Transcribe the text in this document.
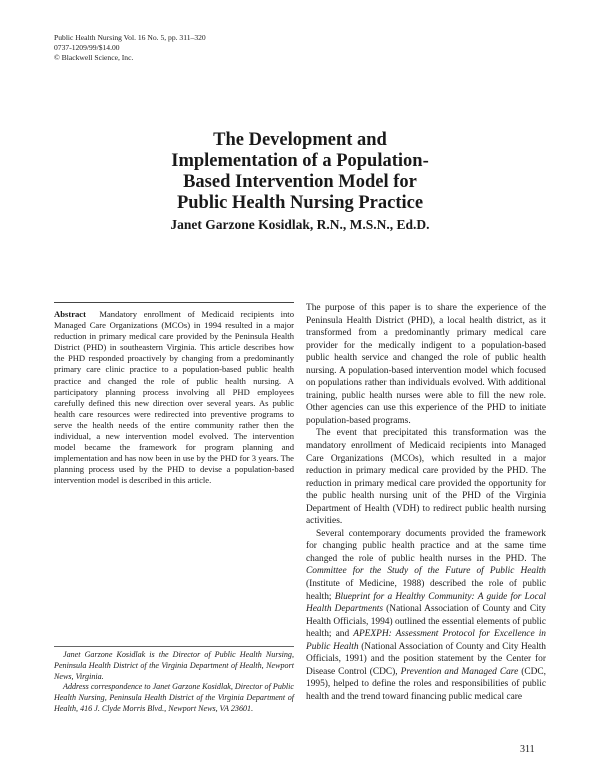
Public Health Nursing Vol. 16 No. 5, pp. 311–320
0737-1209/99/$14.00
© Blackwell Science, Inc.
The Development and
Implementation of a Population-
Based Intervention Model for
Public Health Nursing Practice
Janet Garzone Kosidlak, R.N., M.S.N., Ed.D.
Abstract Mandatory enrollment of Medicaid recipients into Managed Care Organizations (MCOs) in 1994 resulted in a major reduction in primary medical care provided by the Peninsula Health District (PHD) in southeastern Virginia. This article describes how the PHD responded proactively by changing from a predominantly primary care clinic practice to a population-based public health practice and changed the role of public health nursing. A participatory planning process involving all PHD employees carefully defined this new direction over several years. As public health care resources were redirected into preventive programs to serve the health needs of the entire community rather then the individual, a new intervention model evolved. The intervention model became the framework for program planning and implementation and has now been in use by the PHD for 3 years. The planning process used by the PHD to devise a population-based intervention model is described in this article.

Janet Garzone Kosidlak is the Director of Public Health Nursing, Peninsula Health District of the Virginia Department of Health, Newport News, Virginia.

Address correspondence to Janet Garzone Kosidlak, Director of Public Health Nursing, Peninsula Health District of the Virginia Department of Health, 416 J. Clyde Morris Blvd., Newport News, VA 23601.

The purpose of this paper is to share the experience of the Peninsula Health District (PHD), a local health district, as it transformed from a predominantly primary medical care provider for the medically indigent to a population-based public health service and changed the role of public health nursing. A population-based intervention model which focused on populations rather than individuals evolved. With additional training, public health nurses were able to fill the new role. Other agencies can use this experience of the PHD to initiate population-based programs.

The event that precipitated this transformation was the mandatory enrollment of Medicaid recipients into Managed Care Organizations (MCOs), which resulted in a major reduction in primary medical care provided by the PHD. The reduction in primary medical care provided the opportunity for the public health nursing unit of the PHD of the Virginia Department of Health (VDH) to redirect public health nursing activities.

Several contemporary documents provided the framework for changing public health practice and at the same time changed the role of public health nurses in the PHD. The Committee for the Study of the Future of Public Health (Institute of Medicine, 1988) described the role of public health; Blueprint for a Healthy Community: A guide for Local Health Departments (National Association of County and City Health Officials, 1994) outlined the essential elements of public health; and APEXPH: Assessment Protocol for Excellence in Public Health (National Association of County and City Health Officials, 1991) and the position statement by the Center for Disease Control (CDC), Prevention and Managed Care (CDC, 1995), helped to define the roles and responsibilities of public health and the trend toward financing public medical care

311
